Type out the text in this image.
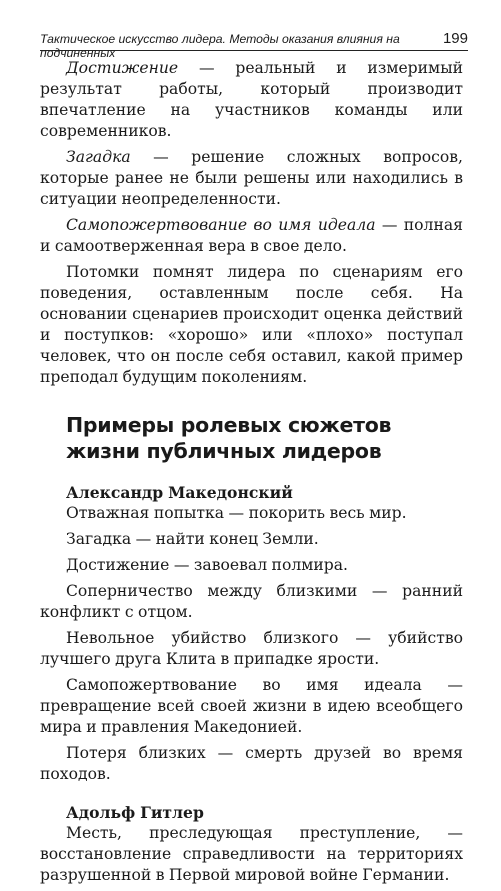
Тактическое искусство лидера. Методы оказания влияния на подчиненных
199

Достижение — реальный и измеримый результат работы, который производит впечатление на участников команды или современников.

Загадка — решение сложных вопросов, которые ранее не были решены или находились в ситуации неопределенности.

Самопожертвование во имя идеала — полная и самоотверженная вера в свое дело.

Потомки помнят лидера по сценариям его поведения, оставленным после себя. На основании сценариев происходит оценка действий и поступков: «хорошо» или «плохо» поступал человек, что он после себя оставил, какой пример преподал будущим поколениям.

Примеры ролевых сюжетов жизни публичных лидеров

Александр Македонский

Отважная попытка — покорить весь мир.

Загадка — найти конец Земли.

Достижение — завоевал полмира.

Соперничество между близкими — ранний конфликт с отцом.

Невольное убийство близкого — убийство лучшего друга Клита в припадке ярости.

Самопожертвование во имя идеала — превращение всей своей жизни в идею всеобщего мира и правления Македонией.

Потеря близких — смерть друзей во время походов.

Адольф Гитлер

Месть, преследующая преступление, — восстановление справедливости на территориях разрушенной в Первой мировой войне Германии.
